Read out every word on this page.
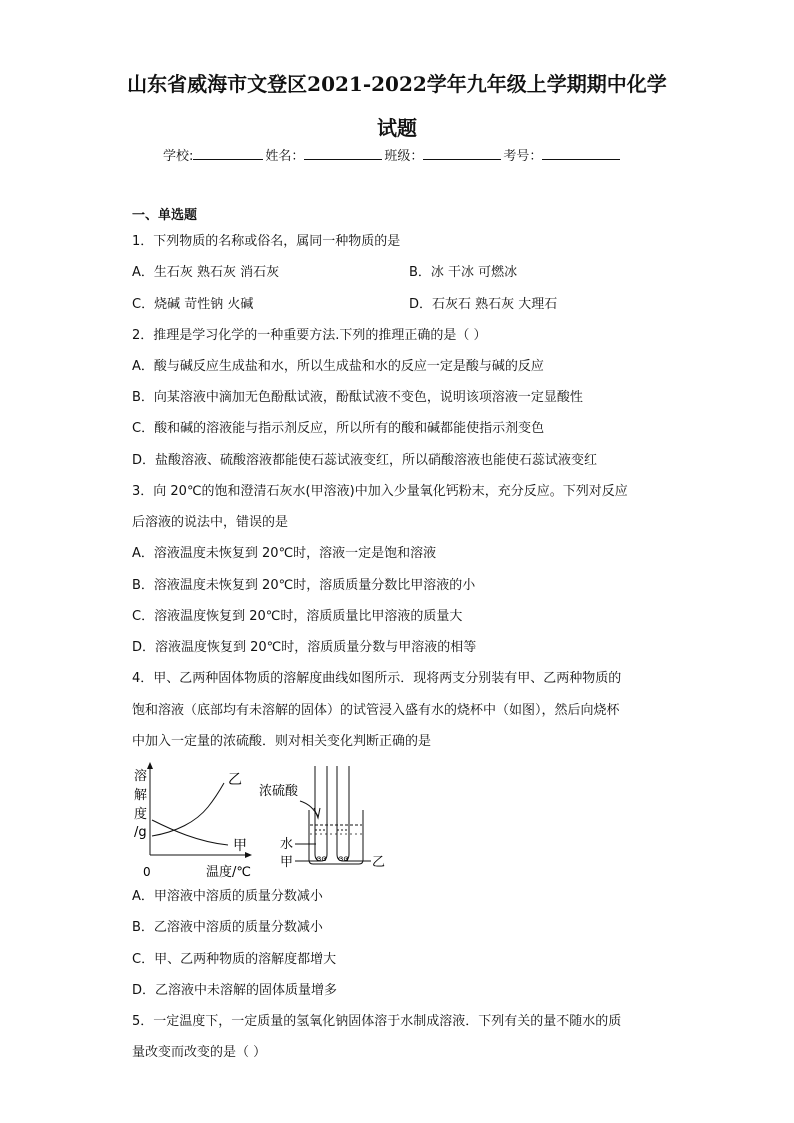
山东省威海市文登区2021-2022学年九年级上学期期中化学
试题
学校:	姓名：	班级：	考号：
一、单选题
1．下列物质的名称或俗名，属同一种物质的是
A．生石灰 熟石灰 消石灰	B．冰 干冰 可燃冰
C．烧碱 苛性钠 火碱	D．石灰石 熟石灰 大理石
2．推理是学习化学的一种重要方法.下列的推理正确的是（ ）
A．酸与碱反应生成盐和水，所以生成盐和水的反应一定是酸与碱的反应
B．向某溶液中滴加无色酚酞试液，酚酞试液不变色，说明该项溶液一定显酸性
C．酸和碱的溶液能与指示剂反应，所以所有的酸和碱都能使指示剂变色
D．盐酸溶液、硫酸溶液都能使石蕊试液变红，所以硝酸溶液也能使石蕊试液变红
3．向 20℃的饱和澄清石灰水(甲溶液)中加入少量氧化钙粉末，充分反应。下列对反应
后溶液的说法中，错误的是
A．溶液温度未恢复到 20℃时，溶液一定是饱和溶液
B．溶液温度未恢复到 20℃时，溶质质量分数比甲溶液的小
C．溶液温度恢复到 20℃时，溶质质量比甲溶液的质量大
D．溶液温度恢复到 20℃时，溶质质量分数与甲溶液的相等
4．甲、乙两种固体物质的溶解度曲线如图所示．现将两支分别装有甲、乙两种物质的
饱和溶液（底部均有未溶解的固体）的试管浸入盛有水的烧杯中（如图），然后向烧杯
中加入一定量的浓硫酸．则对相关变化判断正确的是
溶
解
度
/g
0	温度/℃
乙
甲
浓硫酸
ɞɞ ɞɞ
水
甲	乙
A．甲溶液中溶质的质量分数减小
B．乙溶液中溶质的质量分数减小
C．甲、乙两种物质的溶解度都增大
D．乙溶液中未溶解的固体质量增多
5．一定温度下，一定质量的氢氧化钠固体溶于水制成溶液．下列有关的量不随水的质
量改变而改变的是（ ）
